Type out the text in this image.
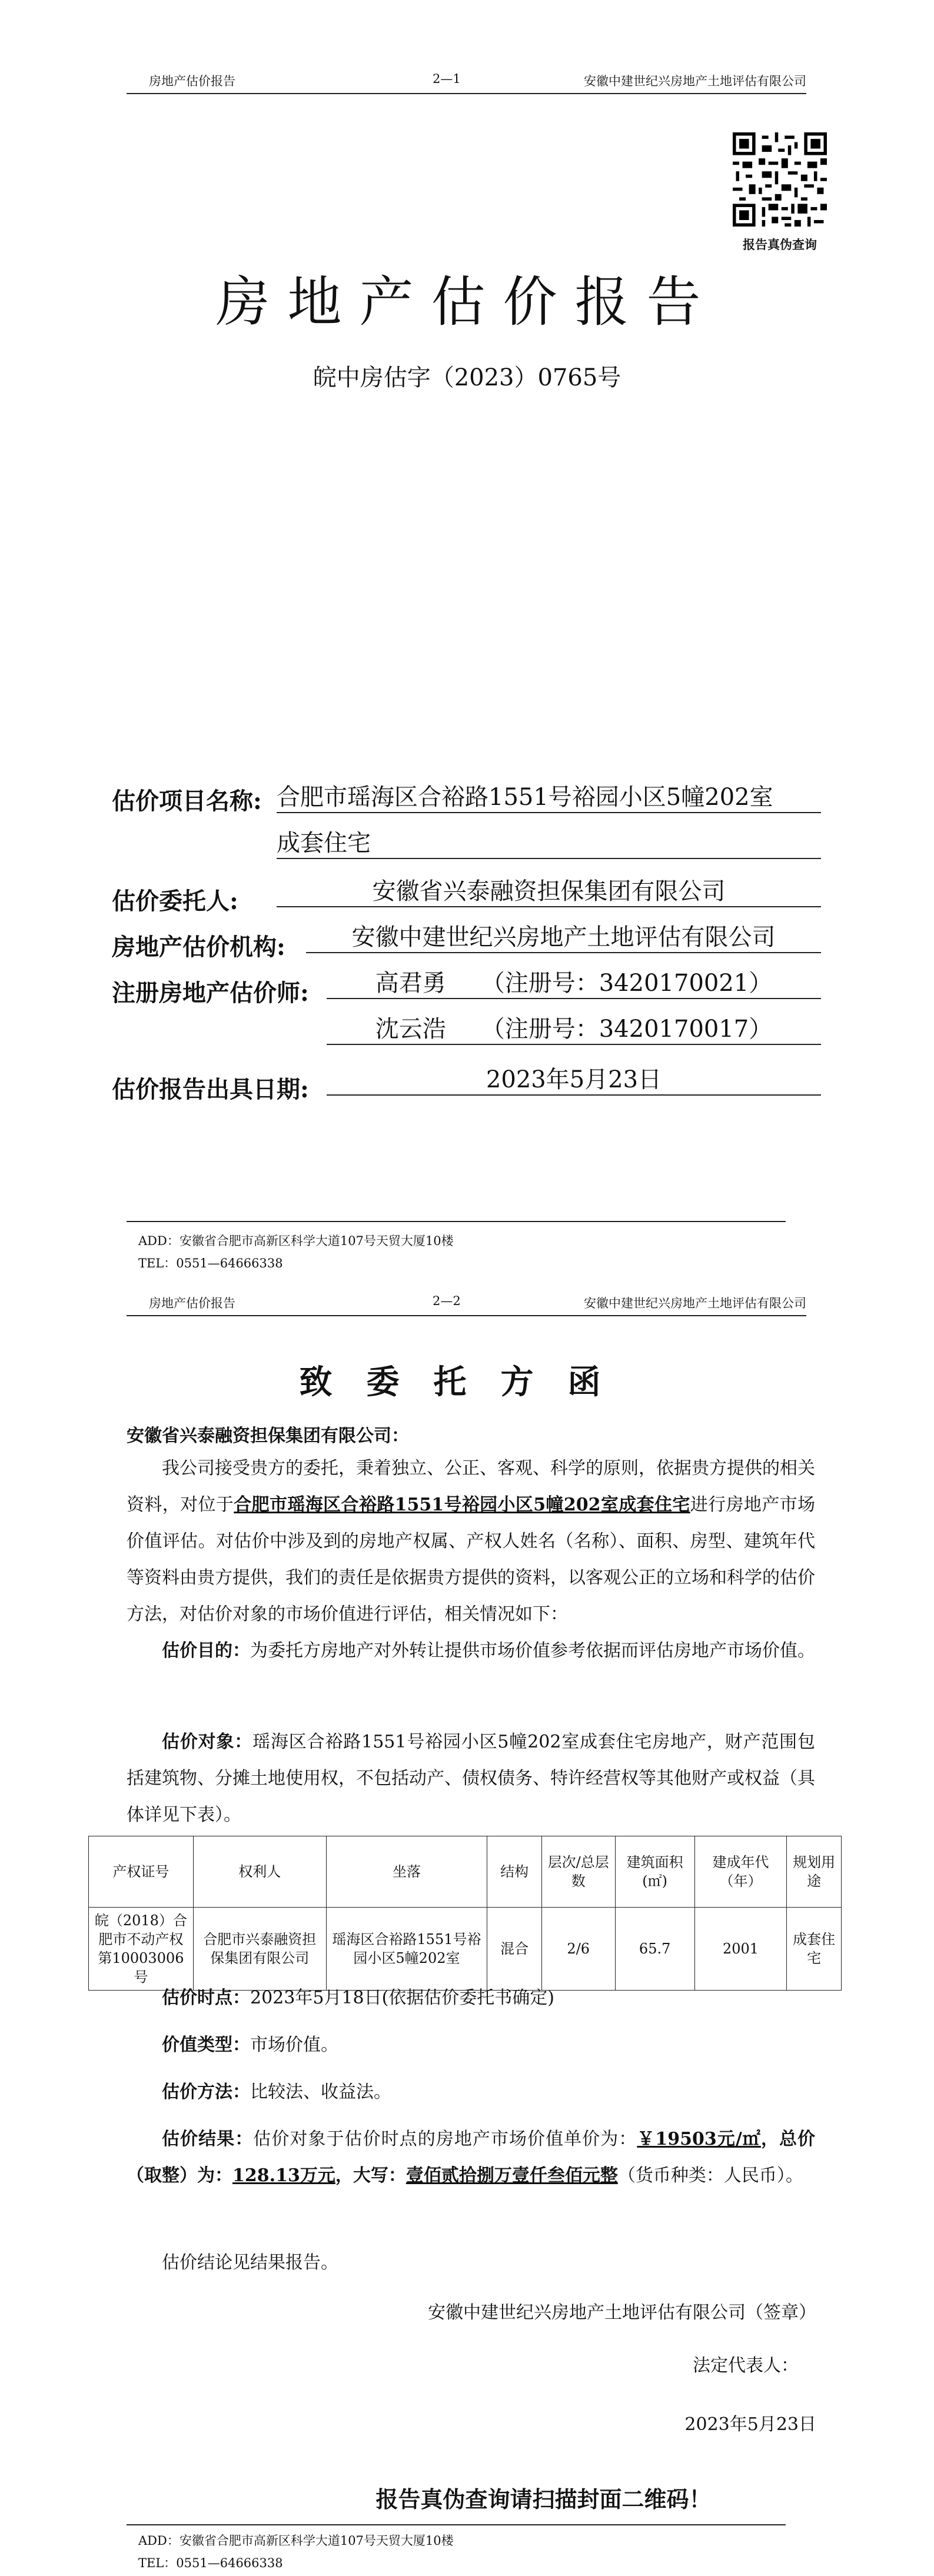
房地产估价报告	2—1	安徽中建世纪兴房地产土地评估有限公司
报告真伪查询
房地产估价报告
皖中房估字（2023）0765号
估价项目名称: 合肥市瑶海区合裕路1551号裕园小区5幢202室
成套住宅
估价委托人:	安徽省兴泰融资担保集团有限公司
房地产估价机构:	安徽中建世纪兴房地产土地评估有限公司
注册房地产估价师:	高君勇　　（注册号：3420170021）
沈云浩　　（注册号：3420170017）
估价报告出具日期:	2023年5月23日
ADD：安徽省合肥市高新区科学大道107号天贸大厦10楼
TEL：0551—64666338
房地产估价报告	2—2	安徽中建世纪兴房地产土地评估有限公司
致委托方函
安徽省兴泰融资担保集团有限公司：
我公司接受贵方的委托，秉着独立、公正、客观、科学的原则，依据贵方提供的相关资料，对位于合肥市瑶海区合裕路1551号裕园小区5幢202室成套住宅进行房地产市场价值评估。对估价中涉及到的房地产权属、产权人姓名（名称）、面积、房型、建筑年代等资料由贵方提供，我们的责任是依据贵方提供的资料，以客观公正的立场和科学的估价方法，对估价对象的市场价值进行评估，相关情况如下：
估价目的：为委托方房地产对外转让提供市场价值参考依据而评估房地产市场价值。
估价对象：瑶海区合裕路1551号裕园小区5幢202室成套住宅房地产，财产范围包括建筑物、分摊土地使用权，不包括动产、债权债务、特许经营权等其他财产或权益（具体详见下表）。
产权证号	权利人	坐落	结构	层次/总层数	建筑面积(㎡)	建成年代（年）	规划用途
皖（2018）合肥市不动产权第10003006号	合肥市兴泰融资担保集团有限公司	瑶海区合裕路1551号裕园小区5幢202室	混合	2/6	65.7	2001	成套住宅
估价时点：2023年5月18日(依据估价委托书确定)
价值类型：市场价值。
估价方法：比较法、收益法。
估价结果：估价对象于估价时点的房地产市场价值单价为：￥19503元/㎡，总价（取整）为：128.13万元，大写：壹佰贰拾捌万壹仟叁佰元整（货币种类：人民币）。
估价结论见结果报告。
安徽中建世纪兴房地产土地评估有限公司（签章）
法定代表人：
2023年5月23日
报告真伪查询请扫描封面二维码！
ADD：安徽省合肥市高新区科学大道107号天贸大厦10楼
TEL：0551—64666338
